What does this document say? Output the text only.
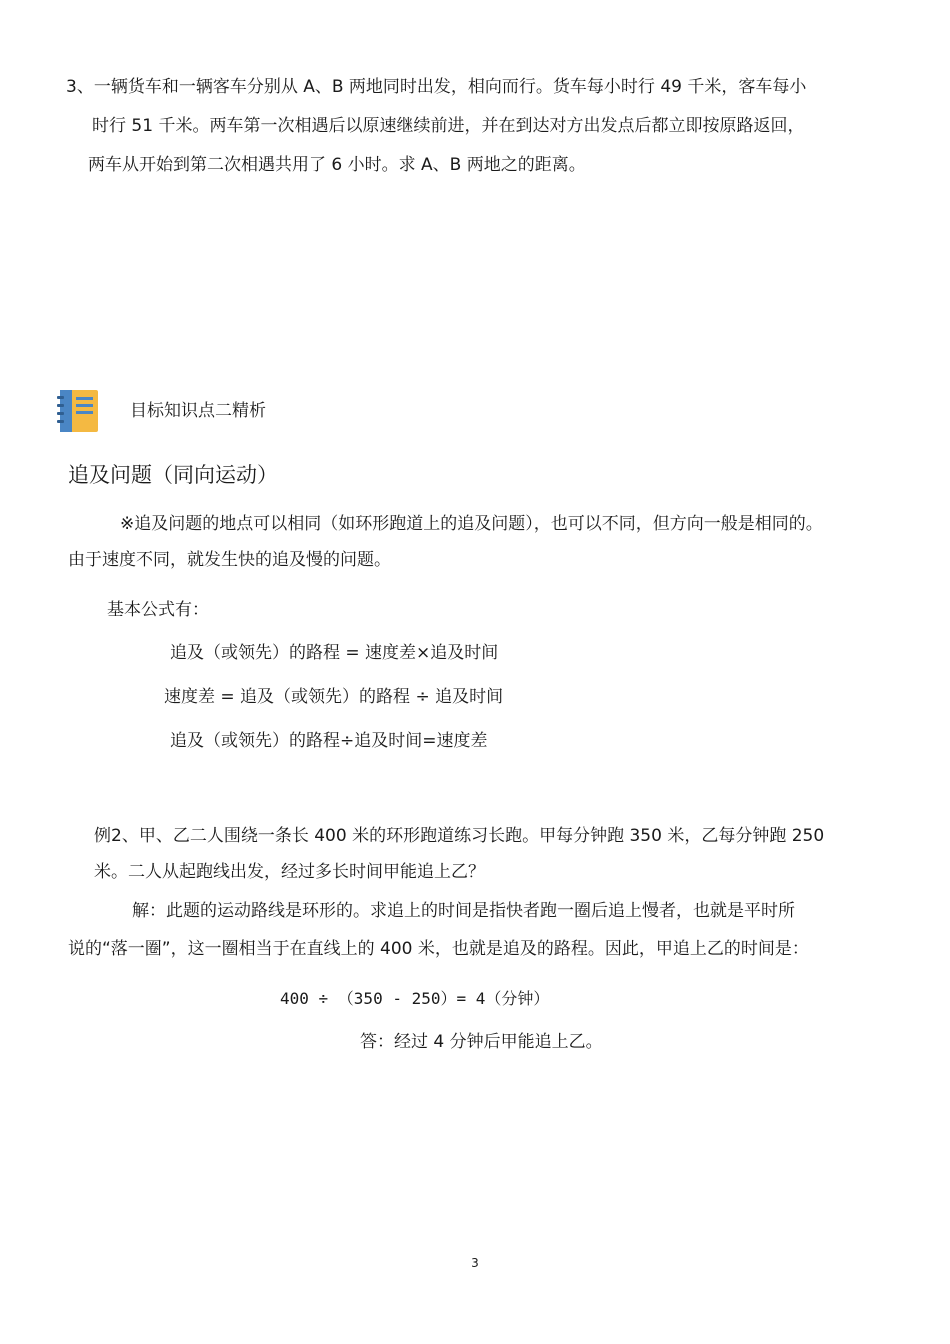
3、一辆货车和一辆客车分别从 A、B 两地同时出发，相向而行。货车每小时行 49 千米，客车每小
时行 51 千米。两车第一次相遇后以原速继续前进，并在到达对方出发点后都立即按原路返回，
两车从开始到第二次相遇共用了 6 小时。求 A、B 两地之的距离。
目标知识点二精析
追及问题（同向运动）
※追及问题的地点可以相同（如环形跑道上的追及问题），也可以不同，但方向一般是相同的。
由于速度不同，就发生快的追及慢的问题。
基本公式有：
追及（或领先）的路程 = 速度差×追及时间
速度差 = 追及（或领先）的路程 ÷ 追及时间
追及（或领先）的路程÷追及时间=速度差
例2、甲、乙二人围绕一条长 400 米的环形跑道练习长跑。甲每分钟跑 350 米，乙每分钟跑 250
米。二人从起跑线出发，经过多长时间甲能追上乙？
解：此题的运动路线是环形的。求追上的时间是指快者跑一圈后追上慢者，也就是平时所
说的“落一圈”，这一圈相当于在直线上的 400 米，也就是追及的路程。因此，甲追上乙的时间是：
400 ÷ （350 - 250）= 4（分钟）
答：经过 4 分钟后甲能追上乙。
3
